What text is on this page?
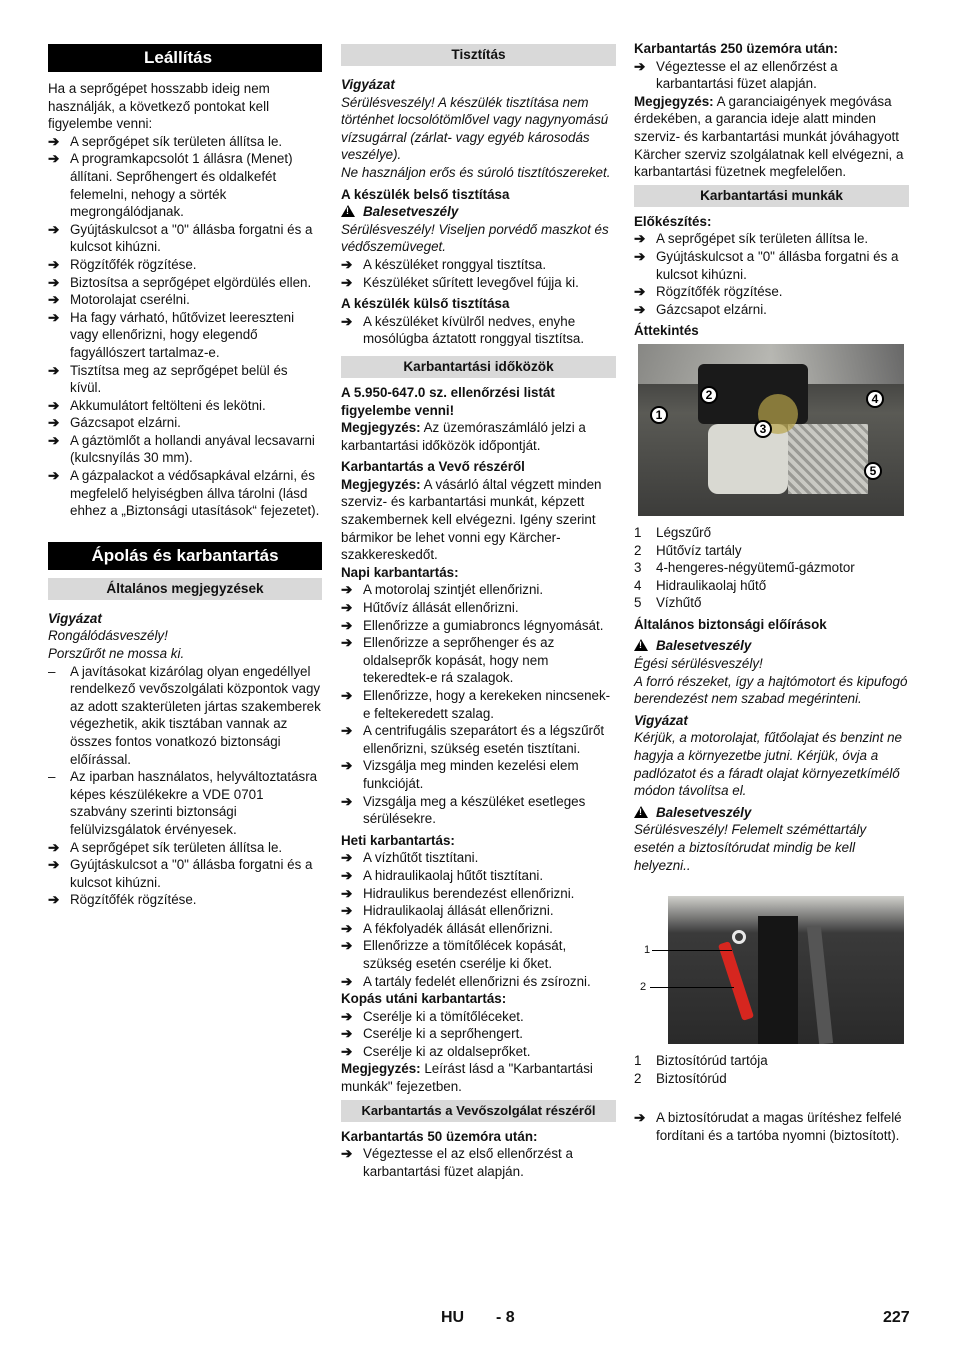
Leállítás

Ha a seprőgépet hosszabb ideig nem használják, a következő pontokat kell figyelembe venni:

➔ A seprőgépet sík területen állítsa le.
➔ A programkapcsolót 1 állásra (Menet) állítani. Seprőhengert és oldalkefét felemelni, nehogy a sörték megrongálódjanak.
➔ Gyújtáskulcsot a "0" állásba forgatni és a kulcsot kihúzni.
➔ Rögzítőfék rögzítése.
➔ Biztosítsa a seprőgépet elgördülés ellen.
➔ Motorolajat cserélni.
➔ Ha fagy várható, hűtővizet leereszteni vagy ellenőrizni, hogy elegendő fagyállószert tartalmaz-e.
➔ Tisztítsa meg az seprőgépet belül és kívül.
➔ Akkumulátort feltölteni és lekötni.
➔ Gázcsapot elzárni.
➔ A gáztömlőt a hollandi anyával lecsavarni (kulcsnyílás 30 mm).
➔ A gázpalackot a védősapkával elzárni, és megfelelő helyiségben állva tárolni (lásd ehhez a „Biztonsági utasítások“ fejezetet).
Ápolás és karbantartás
Általános megjegyzések

Vigyázat

Rongálódásveszély!

Porszűrőt ne mossa ki.

–	A javításokat kizárólag olyan engedéllyel rendelkező vevőszolgálati központok vagy az adott szakterületen jártas szakemberek végezhetik, akik tisztában vannak az összes fontos vonatkozó biztonsági előírással.
–	Az iparban használatos, helyváltoztatásra képes készülékekre a VDE 0701 szabvány szerinti biztonsági felülvizsgálatok érvényesek.
➔ A seprőgépet sík területen állítsa le.
➔ Gyújtáskulcsot a "0" állásba forgatni és a kulcsot kihúzni.
➔ Rögzítőfék rögzítése.
Tisztítás

Vigyázat

Sérülésveszély! A készülék tisztítása nem történhet locsolótömlővel vagy nagynyomású vízsugárral (zárlat- vagy egyéb károsodás veszélye).

Ne használjon erős és súroló tisztítószereket.

A készülék belső tisztítása

!Balesetveszély

Sérülésveszély! Viseljen porvédő maszkot és védőszemüveget.

➔ A készüléket ronggyal tisztítsa.
➔ Készüléket sűrített levegővel fújja ki.

A készülék külső tisztítása

➔ A készüléket kívülről nedves, enyhe mosólúgba áztatott ronggyal tisztítsa.
Karbantartási időközök

A 5.950-647.0 sz. ellenőrzési listát figyelembe venni!

Megjegyzés: Az üzemóraszámláló jelzi a karbantartási időközök időpontját.

Karbantartás a Vevő részéről

Megjegyzés: A vásárló által végzett minden szerviz- és karbantartási munkát, képzett szakembernek kell elvégezni. Igény szerint bármikor be lehet vonni egy Kärcher-szakkereskedőt.

Napi karbantartás:

➔ A motorolaj szintjét ellenőrizni.
➔ Hűtővíz állását ellenőrizni.
➔ Ellenőrizze a gumiabroncs légnyomását.
➔ Ellenőrizze a seprőhenger és az oldalseprők kopását, hogy nem tekeredtek-e rá szalagok.
➔ Ellenőrizze, hogy a kerekeken nincsenek-e feltekeredett szalag.
➔ A centrifugális szeparátort és a légszűrőt ellenőrizni, szükség esetén tisztítani.
➔ Vizsgálja meg minden kezelési elem funkcióját.
➔ Vizsgálja meg a készüléket esetleges sérülésekre.

Heti karbantartás:

➔ A vízhűtőt tisztítani.
➔ A hidraulikaolaj hűtőt tisztítani.
➔ Hidraulikus berendezést ellenőrizni.
➔ Hidraulikaolaj állását ellenőrizni.
➔ A fékfolyadék állását ellenőrizni.
➔ Ellenőrizze a tömítőlécek kopását, szükség esetén cserélje ki őket.
➔ A tartály fedelét ellenőrizni és zsírozni.

Kopás utáni karbantartás:

➔ Cserélje ki a tömítőléceket.
➔ Cserélje ki a seprőhengert.
➔ Cserélje ki az oldalseprőket.

Megjegyzés: Leírást lásd a "Karbantartási munkák" fejezetben.

Karbantartás a Vevőszolgálat részéről

Karbantartás 50 üzemóra után:

➔ Végeztesse el az első ellenőrzést a karbantartási füzet alapján.

Karbantartás 250 üzemóra után:

➔ Végeztesse el az ellenőrzést a karbantartási füzet alapján.

Megjegyzés: A garanciaigények megóvása érdekében, a garancia ideje alatt minden szerviz- és karbantartási munkát jóváhagyott Kärcher szerviz szolgálatnak kell elvégezni, a karbantartási füzetnek megfelelően.

Karbantartási munkák

Előkészítés:

➔ A seprőgépet sík területen állítsa le.
➔ Gyújtáskulcsot a "0" állásba forgatni és a kulcsot kihúzni.
➔ Rögzítőfék rögzítése.
➔ Gázcsapot elzárni.

Áttekintés

1
2
3
4
5
1 Légszűrő
2 Hűtővíz tartály
3 4-hengeres-négyütemű-gázmotor
4 Hidraulikaolaj hűtő
5 Vízhűtő

Általános biztonsági előírások

!Balesetveszély

Égési sérülésveszély!

A forró részeket, így a hajtómotort és kipufogó berendezést nem szabad megérinteni.

Vigyázat

Kérjük, a motorolajat, fűtőolajat és benzint ne hagyja a környezetbe jutni. Kérjük, óvja a padlózatot és a fáradt olajat környezetkímélő módon távolítsa el.

!Balesetveszély

Sérülésveszély! Felemelt széméttartály esetén a biztosítórudat mindig be kell helyezni..

1
2
1 Biztosítórúd tartója
2 Biztosítórúd
➔ A biztosítórudat a magas ürítéshez felfelé fordítani és a tartóba nyomni (biztosított).
HU - 8	227
